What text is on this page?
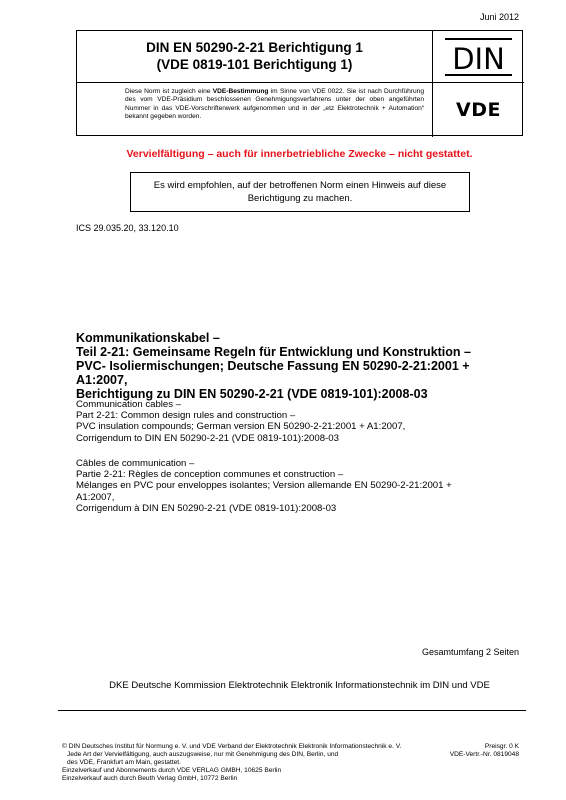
Juni 2012
DIN EN 50290-2-21 Berichtigung 1
(VDE 0819-101 Berichtigung 1)	DIN
Diese Norm ist zugleich eine VDE-Bestimmung im Sinne von VDE 0022. Sie ist nach Durchführung des vom VDE-Präsidium beschlossenen Genehmigungsverfahrens unter der oben angeführten Nummer in das VDE-Vorschriftenwerk aufgenommen und in der „etz Elektrotechnik + Automation“ bekannt gegeben worden.	VDE
Vervielfältigung – auch für innerbetriebliche Zwecke – nicht gestattet.
Es wird empfohlen, auf der betroffenen Norm einen Hinweis auf diese
Berichtigung zu machen.
ICS 29.035.20, 33.120.10
Kommunikationskabel –
Teil 2-21: Gemeinsame Regeln für Entwicklung und Konstruktion –
PVC- Isoliermischungen; Deutsche Fassung EN 50290-2-21:2001 +
A1:2007,
Berichtigung zu DIN EN 50290-2-21 (VDE 0819-101):2008-03
Communication cables –
Part 2-21: Common design rules and construction –
PVC insulation compounds; German version EN 50290-2-21:2001 + A1:2007,
Corrigendum to DIN EN 50290-2-21 (VDE 0819-101):2008-03
Câbles de communication –
Partie 2-21: Règles de conception communes et construction –
Mélanges en PVC pour enveloppes isolantes; Version allemande EN 50290-2-21:2001 +
A1:2007,
Corrigendum à DIN EN 50290-2-21 (VDE 0819-101):2008-03
Gesamtumfang 2 Seiten
DKE Deutsche Kommission Elektrotechnik Elektronik Informationstechnik im DIN und VDE
© DIN Deutsches Institut für Normung e. V. und VDE Verband der Elektrotechnik Elektronik Informationstechnik e. V.
Jede Art der Vervielfältigung, auch auszugsweise, nur mit Genehmigung des DIN, Berlin, und
des VDE, Frankfurt am Main, gestattet.
Einzelverkauf und Abonnements durch VDE VERLAG GMBH, 10625 Berlin
Einzelverkauf auch durch Beuth Verlag GmbH, 10772 Berlin
Preisgr. 0 K
VDE-Vertr.-Nr. 0819048
